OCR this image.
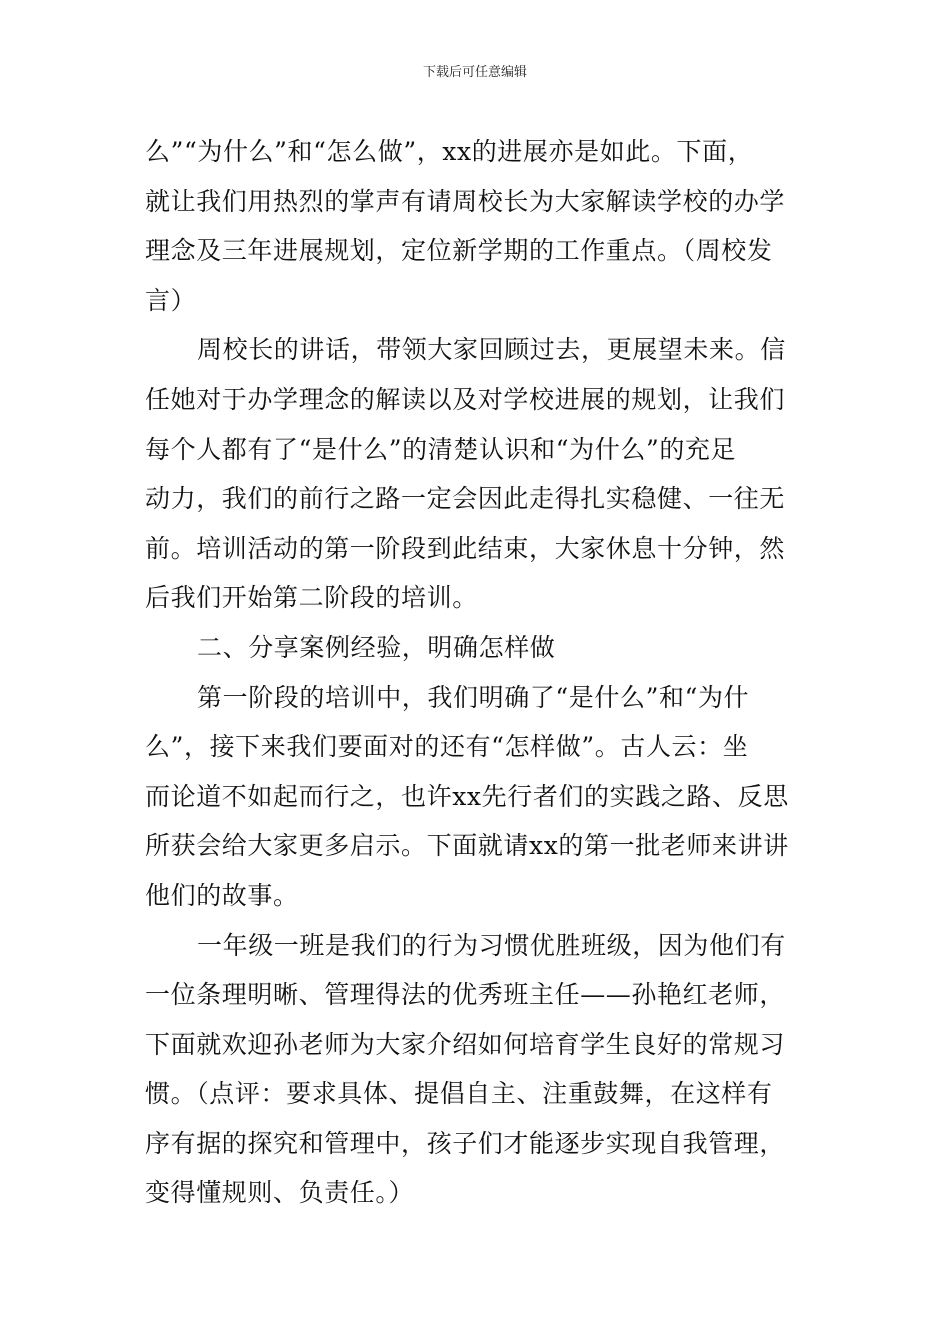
下载后可任意编辑
么”“为什么”和“怎么做”，xx的进展亦是如此。下面，
就让我们用热烈的掌声有请周校长为大家解读学校的办学
理念及三年进展规划，定位新学期的工作重点。（周校发
言）
周校长的讲话，带领大家回顾过去，更展望未来。信
任她对于办学理念的解读以及对学校进展的规划，让我们
每个人都有了“是什么”的清楚认识和“为什么”的充足
动力，我们的前行之路一定会因此走得扎实稳健、一往无
前。培训活动的第一阶段到此结束，大家休息十分钟，然
后我们开始第二阶段的培训。
二、分享案例经验，明确怎样做
第一阶段的培训中，我们明确了“是什么”和“为什
么”，接下来我们要面对的还有“怎样做”。古人云：坐
而论道不如起而行之，也许xx先行者们的实践之路、反思
所获会给大家更多启示。下面就请xx的第一批老师来讲讲
他们的故事。
一年级一班是我们的行为习惯优胜班级，因为他们有
一位条理明晰、管理得法的优秀班主任——孙艳红老师，
下面就欢迎孙老师为大家介绍如何培育学生良好的常规习
惯。（点评：要求具体、提倡自主、注重鼓舞，在这样有
序有据的探究和管理中，孩子们才能逐步实现自我管理，
变得懂规则、负责任。）
